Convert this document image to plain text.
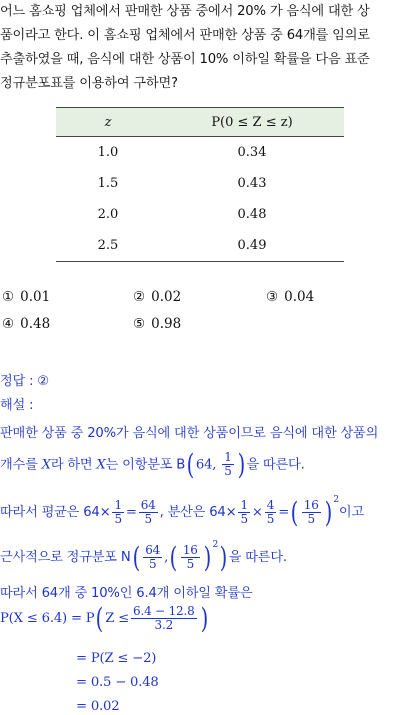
어느 홈쇼핑 업체에서 판매한 상품 중에서 20% 가 음식에 대한 상
품이라고 한다. 이 홈쇼핑 업체에서 판매한 상품 중 64개를 임의로
추출하였을 때, 음식에 대한 상품이 10% 이하일 확률을 다음 표준
정규분포표를 이용하여 구하면?
z	P(0 ≤ Z ≤ z)
1.0	0.34
1.5	0.43
2.0	0.48
2.5	0.49
① 0.01	② 0.02	③ 0.04
④ 0.48	⑤ 0.98
정답 : ②
해설 :
판매한 상품 중 20%가 음식에 대한 상품이므로 음식에 대한 상품의
개수를 X라 하면 X는 이항분포 B( 64, $\frac{1}{5}$ ) 을 따른다.
따라서 평균은 $64\times \frac{1}{5} = \frac{64}{5}$ , 분산은 $64\times \frac{1}{5} \times \frac{4}{5}$ =( $\frac{16}{5}$ ) $^2$이고
근사적으로 정규분포 $N( \frac{64}{5}$ ,( $\frac{16}{5}$ ) $^2$) 을 따른다.
따라서 64개 중 10%인 6.4개 이하일 확률은
P(X ≤ 6.4) = P( $Z \le \frac{6.4 - 12.8}{3.2}$ )
= P(Z ≤ −2)
= 0.5 − 0.48
= 0.02
